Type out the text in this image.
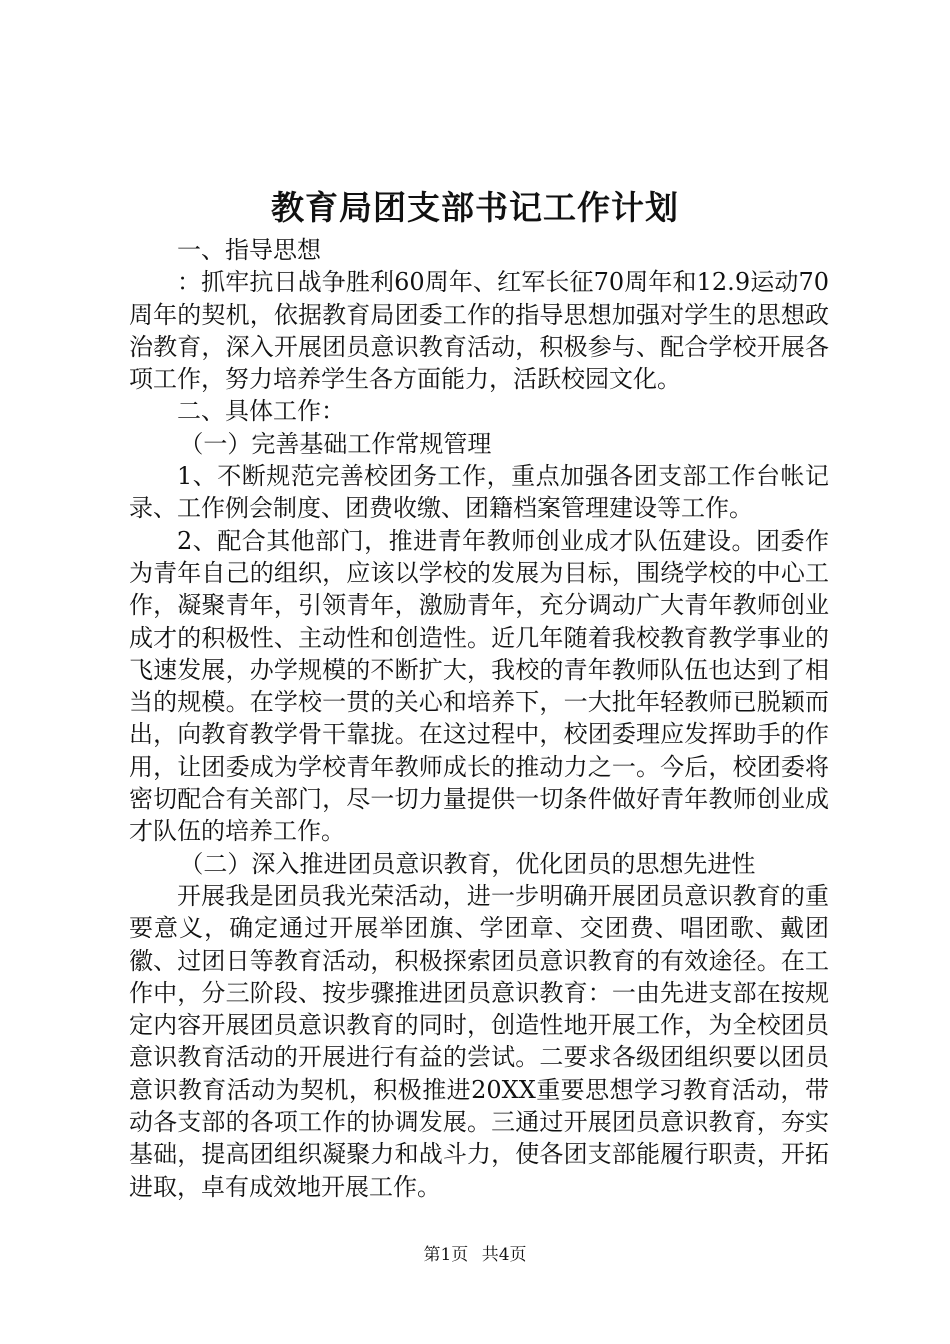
教育局团支部书记工作计划

一、指导思想

：抓牢抗日战争胜利60周年、红军长征70周年和12.9运动70周年的契机，依据教育局团委工作的指导思想加强对学生的思想政治教育，深入开展团员意识教育活动，积极参与、配合学校开展各项工作，努力培养学生各方面能力，活跃校园文化。

二、具体工作：

（一）完善基础工作常规管理

1、不断规范完善校团务工作，重点加强各团支部工作台帐记录、工作例会制度、团费收缴、团籍档案管理建设等工作。

2、配合其他部门，推进青年教师创业成才队伍建设。团委作为青年自己的组织，应该以学校的发展为目标，围绕学校的中心工作，凝聚青年，引领青年，激励青年，充分调动广大青年教师创业成才的积极性、主动性和创造性。近几年随着我校教育教学事业的飞速发展，办学规模的不断扩大，我校的青年教师队伍也达到了相当的规模。在学校一贯的关心和培养下，一大批年轻教师已脱颖而出，向教育教学骨干靠拢。在这过程中，校团委理应发挥助手的作用，让团委成为学校青年教师成长的推动力之一。今后，校团委将密切配合有关部门，尽一切力量提供一切条件做好青年教师创业成才队伍的培养工作。

（二）深入推进团员意识教育，优化团员的思想先进性

开展我是团员我光荣活动，进一步明确开展团员意识教育的重要意义，确定通过开展举团旗、学团章、交团费、唱团歌、戴团徽、过团日等教育活动，积极探索团员意识教育的有效途径。在工作中，分三阶段、按步骤推进团员意识教育：一由先进支部在按规定内容开展团员意识教育的同时，创造性地开展工作，为全校团员意识教育活动的开展进行有益的尝试。二要求各级团组织要以团员意识教育活动为契机，积极推进20XX重要思想学习教育活动，带动各支部的各项工作的协调发展。三通过开展团员意识教育，夯实基础，提高团组织凝聚力和战斗力，使各团支部能履行职责，开拓进取，卓有成效地开展工作。

第1页 共4页
